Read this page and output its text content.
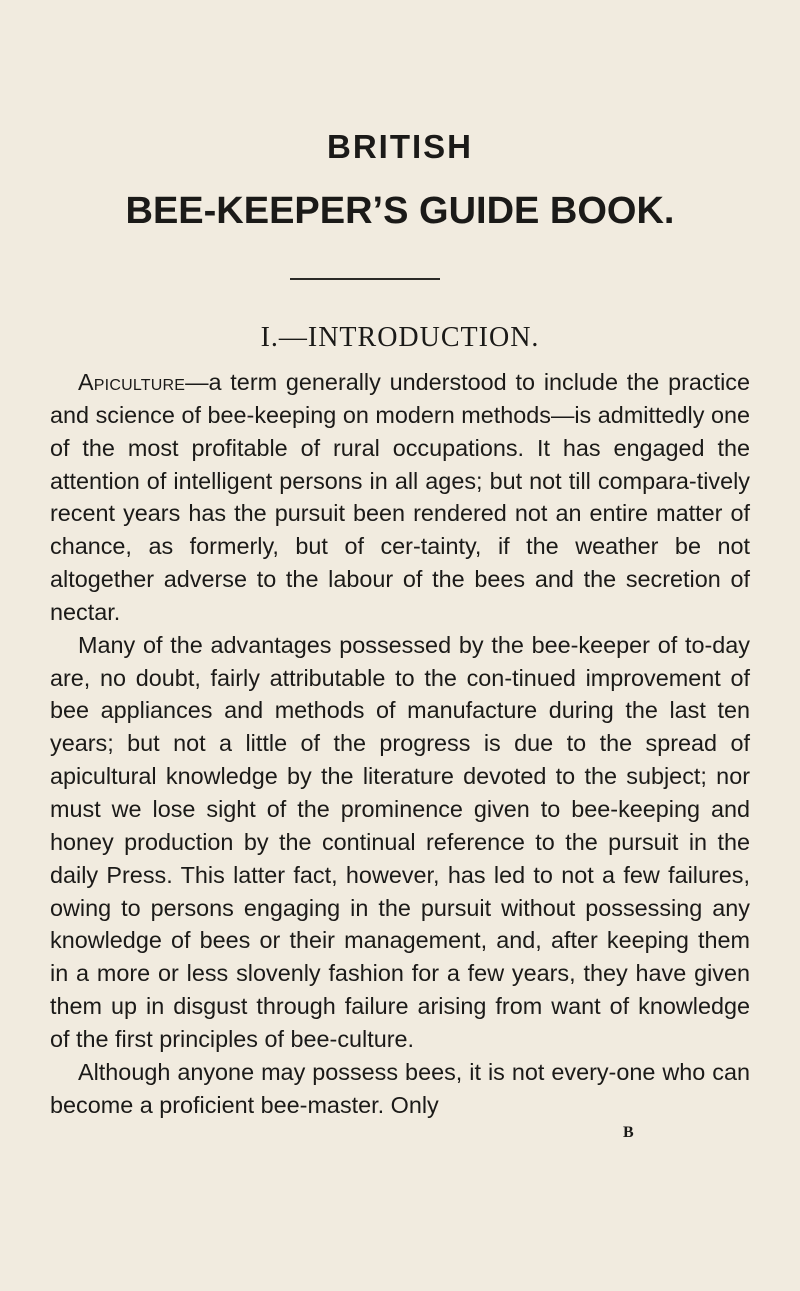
BRITISH
BEE-KEEPER’S GUIDE BOOK.
I.—INTRODUCTION.

Apiculture—a term generally understood to include the practice and science of bee-keeping on modern methods—is admittedly one of the most profitable of rural occupations. It has engaged the attention of intelligent persons in all ages; but not till compara-tively recent years has the pursuit been rendered not an entire matter of chance, as formerly, but of cer-tainty, if the weather be not altogether adverse to the labour of the bees and the secretion of nectar.

Many of the advantages possessed by the bee-keeper of to-day are, no doubt, fairly attributable to the con-tinued improvement of bee appliances and methods of manufacture during the last ten years; but not a little of the progress is due to the spread of apicultural knowledge by the literature devoted to the subject; nor must we lose sight of the prominence given to bee-keeping and honey production by the continual reference to the pursuit in the daily Press. This latter fact, however, has led to not a few failures, owing to persons engaging in the pursuit without possessing any knowledge of bees or their management, and, after keeping them in a more or less slovenly fashion for a few years, they have given them up in disgust through failure arising from want of knowledge of the first principles of bee-culture.

Although anyone may possess bees, it is not every-one who can become a proficient bee-master. Only

B
